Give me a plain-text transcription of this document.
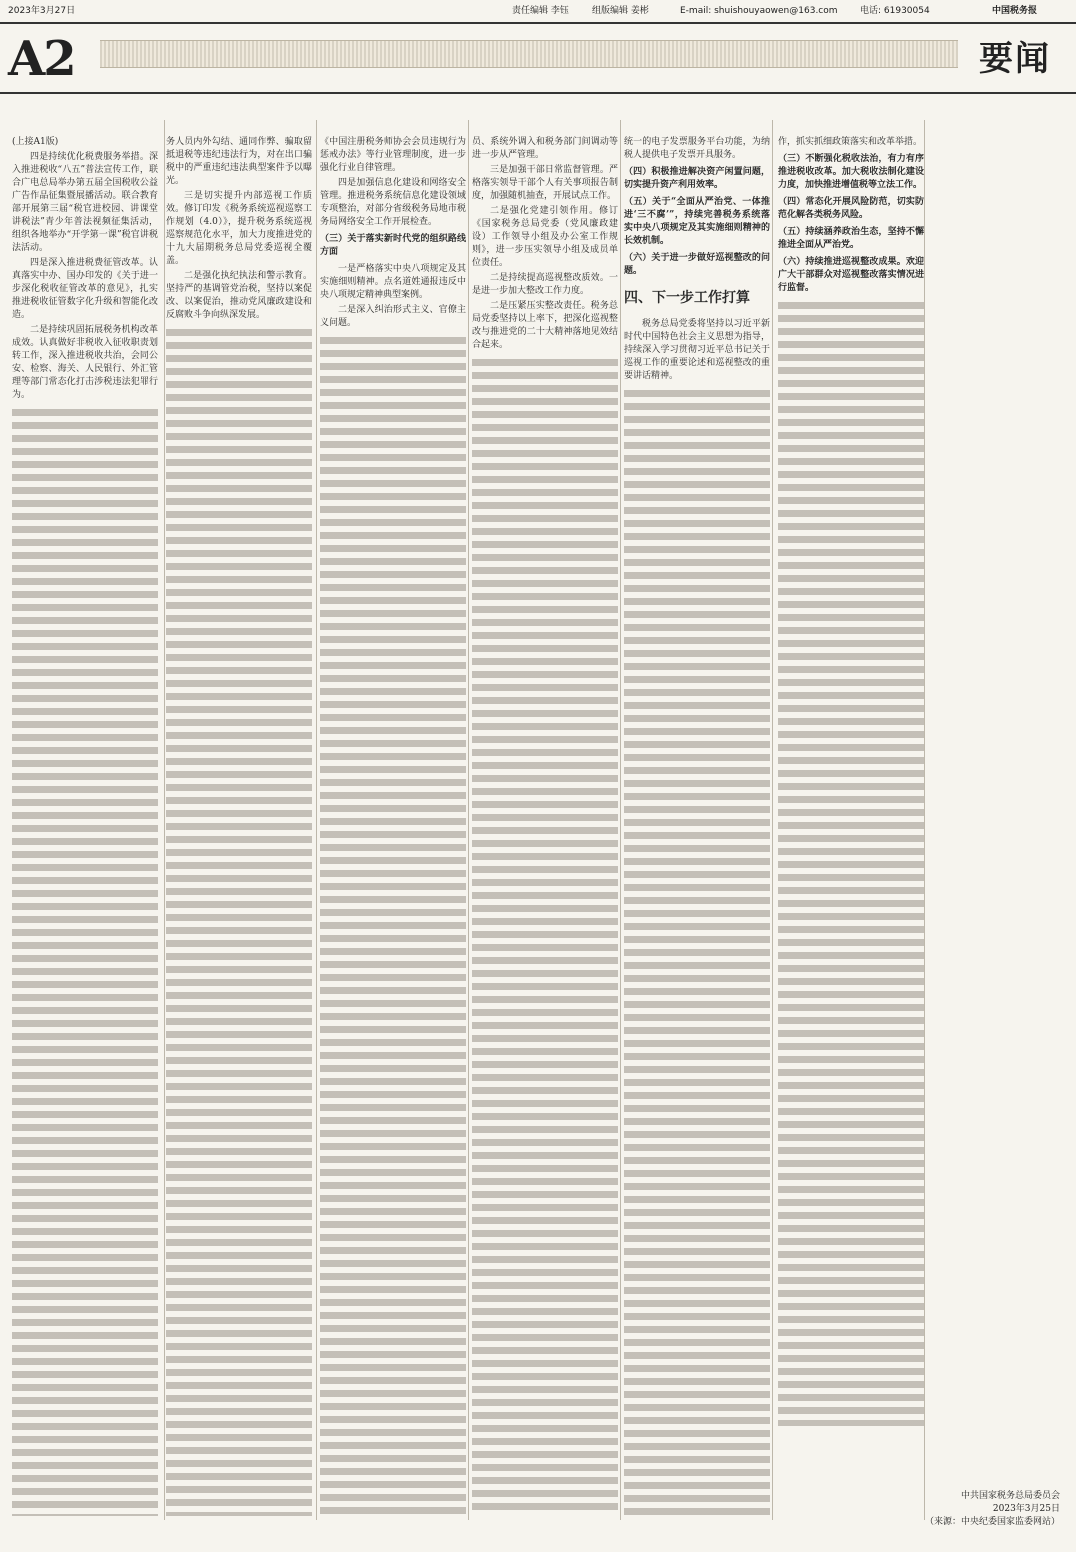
2023年3月27日	责任编辑 李钰	组版编辑 姜彬	E-mail: shuishouyaowen@163.com 电话: 61930054	中国税务报
A2	要闻

(上接A1版)

四是持续优化税费服务举措。深入推进税收“八五”普法宣传工作，联合广电总局举办第五届全国税收公益广告作品征集暨展播活动。联合教育部开展第三届“税官进校园、讲课堂讲税法”青少年普法视频征集活动，组织各地举办“开学第一课”税官讲税法活动。

四是深入推进税费征管改革。认真落实中办、国办印发的《关于进一步深化税收征管改革的意见》，扎实推进税收征管数字化升级和智能化改造。

二是持续巩固拓展税务机构改革成效。认真做好非税收入征收职责划转工作，深入推进税收共治，会同公安、检察、海关、人民银行、外汇管理等部门常态化打击涉税违法犯罪行为。

务人员内外勾结、通同作弊、骗取留抵退税等违纪违法行为，对在出口骗税中的严重违纪违法典型案件予以曝光。

三是切实提升内部巡视工作质效。修订印发《税务系统巡视巡察工作规划（4.0）》，提升税务系统巡视巡察规范化水平，加大力度推进党的十九大届期税务总局党委巡视全覆盖。

二是强化执纪执法和警示教育。坚持严的基调管党治税，坚持以案促改、以案促治，推动党风廉政建设和反腐败斗争向纵深发展。

《中国注册税务师协会会员违规行为惩戒办法》等行业管理制度，进一步强化行业自律管理。

四是加强信息化建设和网络安全管理。推进税务系统信息化建设领域专项整治，对部分省级税务局地市税务局网络安全工作开展检查。

（三）关于落实新时代党的组织路线方面

一是严格落实中央八项规定及其实施细则精神。点名道姓通报违反中央八项规定精神典型案例。

二是深入纠治形式主义、官僚主义问题。

员、系统外调入和税务部门间调动等进一步从严管理。

三是加强干部日常监督管理。严格落实领导干部个人有关事项报告制度，加强随机抽查，开展试点工作。

二是强化党建引领作用。修订《国家税务总局党委（党风廉政建设）工作领导小组及办公室工作规则》，进一步压实领导小组及成员单位责任。

二是持续提高巡视整改质效。一是进一步加大整改工作力度。

二是压紧压实整改责任。税务总局党委坚持以上率下，把深化巡视整改与推进党的二十大精神落地见效结合起来。

统一的电子发票服务平台功能，为纳税人提供电子发票开具服务。

（四）积极推进解决资产闲置问题，切实提升资产利用效率。

（五）关于“全面从严治党、一体推进‘三不腐’”，持续完善税务系统落实中央八项规定及其实施细则精神的长效机制。

（六）关于进一步做好巡视整改的问题。

四、下一步工作打算

税务总局党委将坚持以习近平新时代中国特色社会主义思想为指导，持续深入学习贯彻习近平总书记关于巡视工作的重要论述和巡视整改的重要讲话精神。

作，抓实抓细政策落实和改革举措。

（三）不断强化税收法治，有力有序推进税收改革。加大税收法制化建设力度，加快推进增值税等立法工作。

（四）常态化开展风险防范，切实防范化解各类税务风险。

（五）持续涵养政治生态，坚持不懈推进全面从严治党。

（六）持续推进巡视整改成果。欢迎广大干部群众对巡视整改落实情况进行监督。

中共国家税务总局委员会
2023年3月25日
（来源：中央纪委国家监委网站）
